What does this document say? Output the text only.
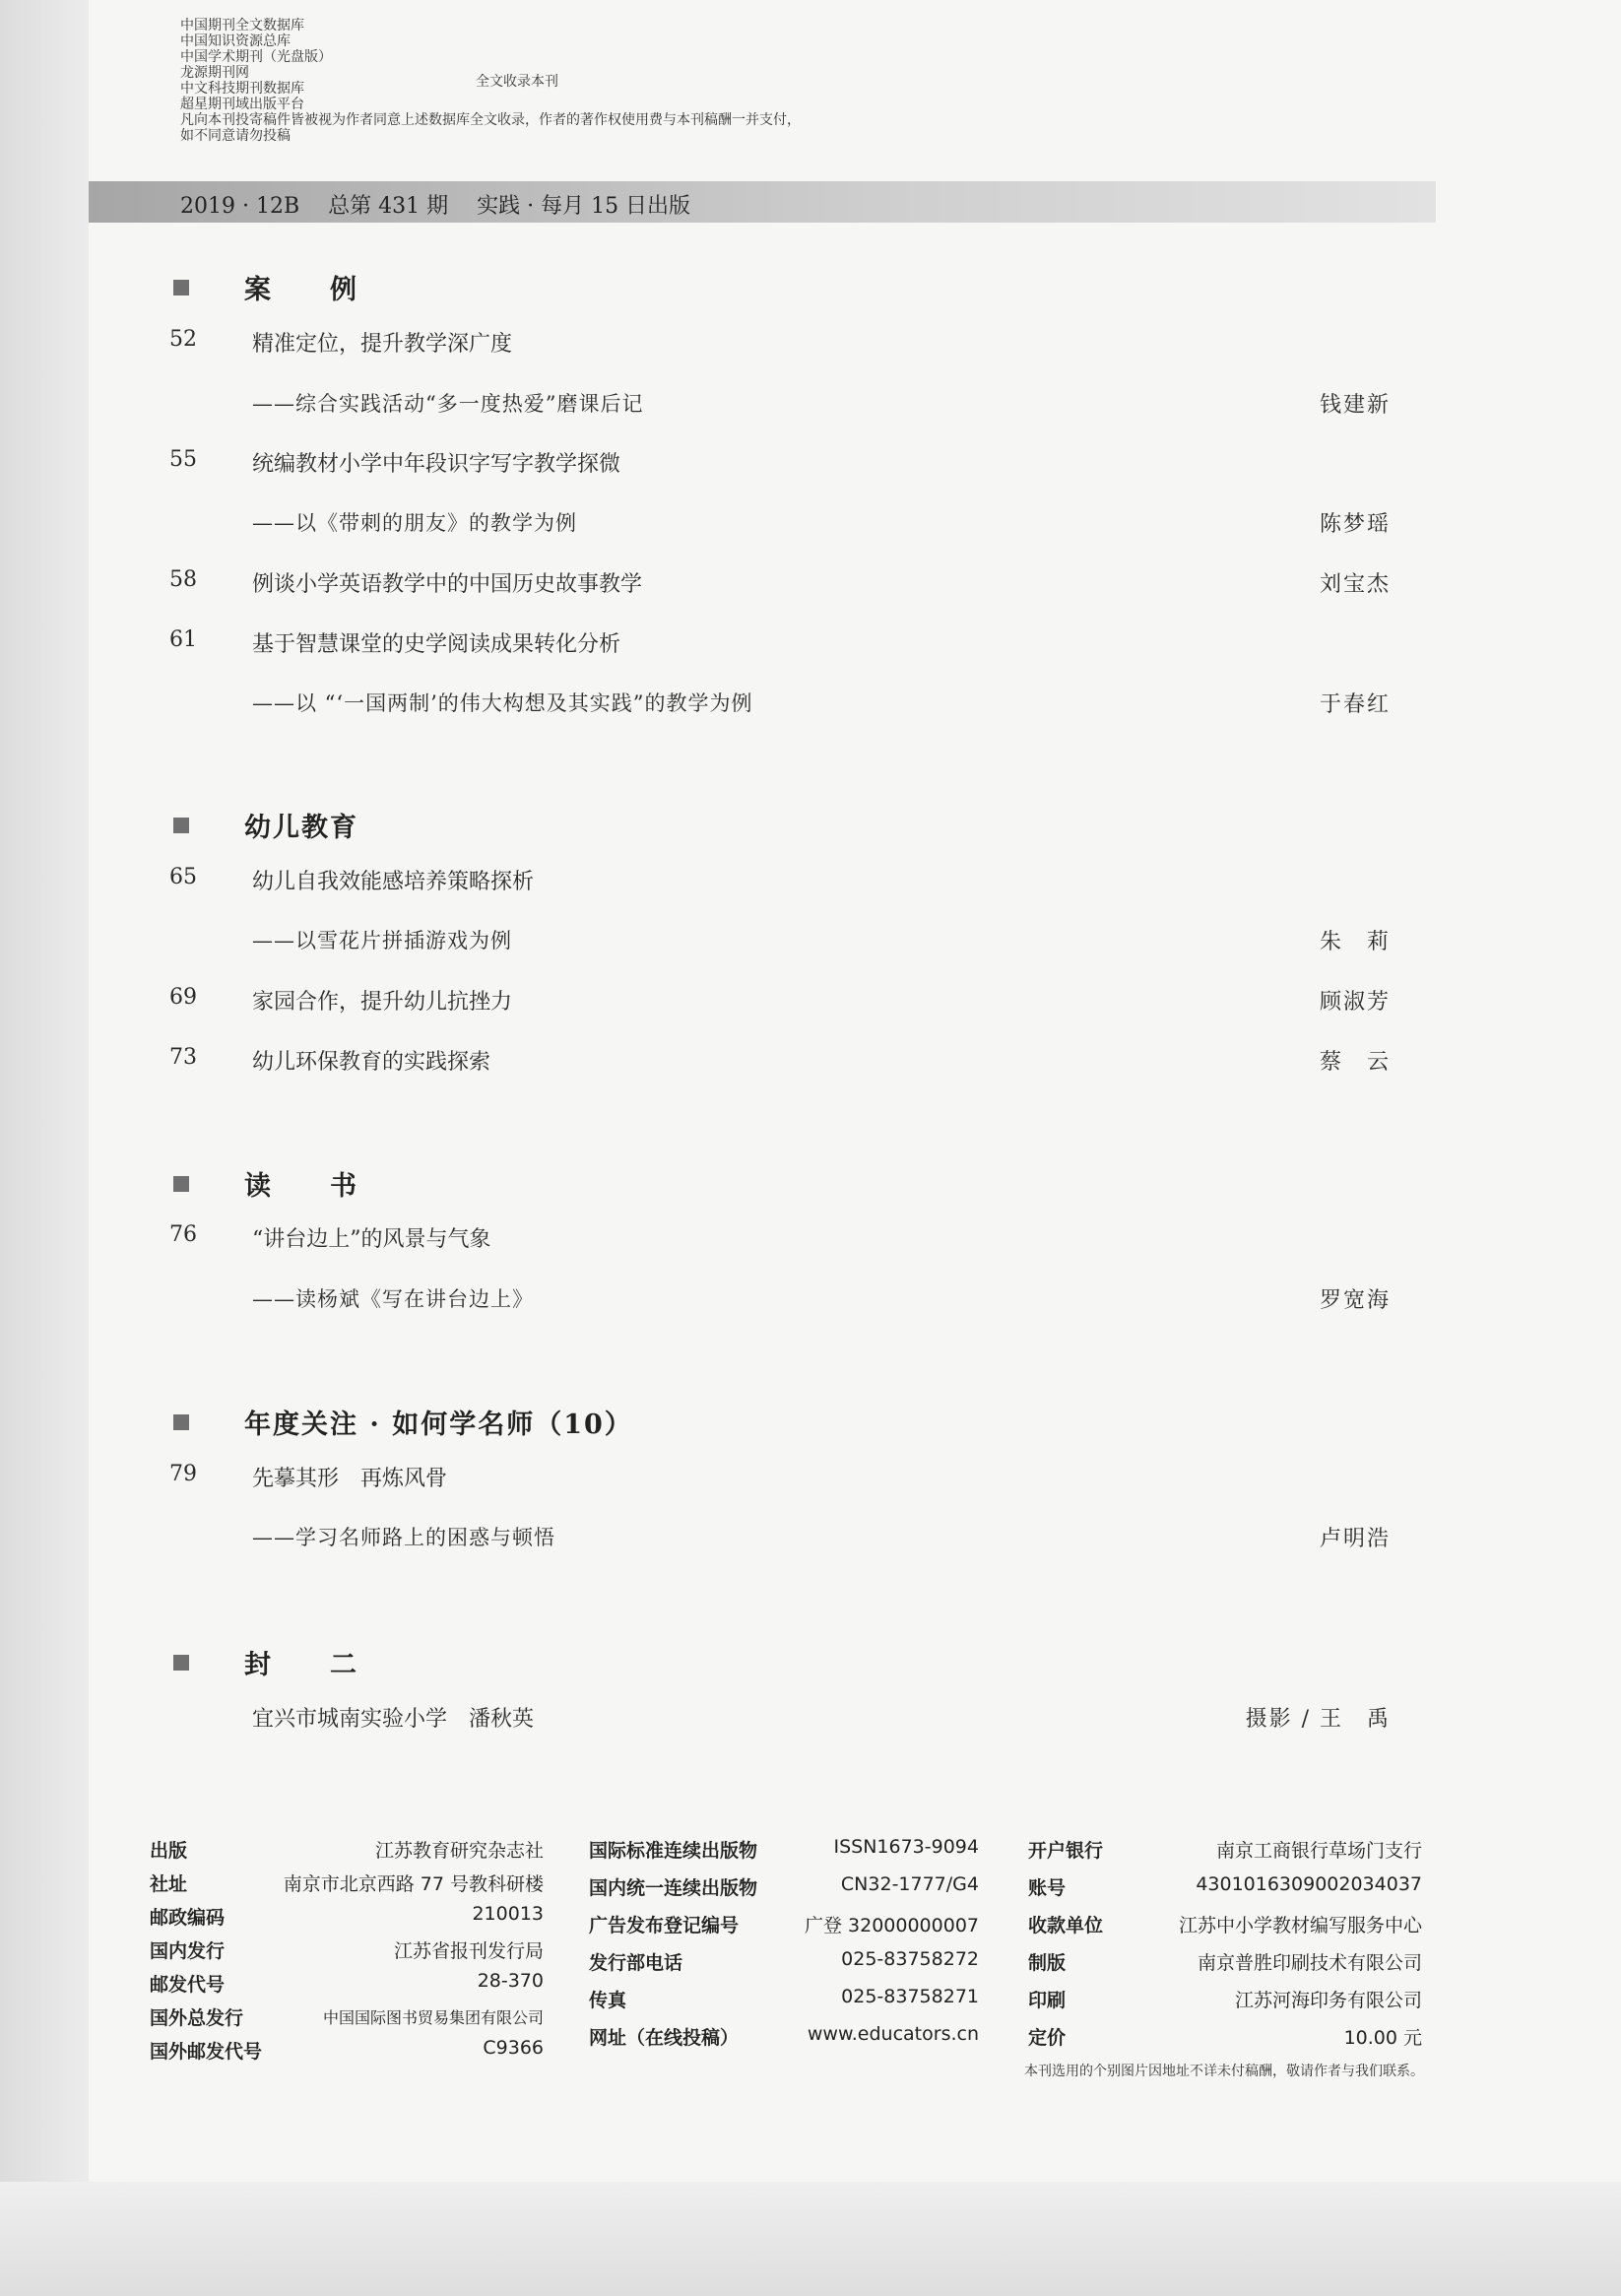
中国期刊全文数据库
中国知识资源总库
中国学术期刊（光盘版）
龙源期刊网
中文科技期刊数据库
超星期刊域出版平台
凡向本刊投寄稿件皆被视为作者同意上述数据库全文收录，作者的著作权使用费与本刊稿酬一并支付，
如不同意请勿投稿
全文收录本刊
2019 · 12B　 总第 431 期　 实践 · 每月 15 日出版
案　　例
52	精准定位，提升教学深广度
——综合实践活动“多一度热爱”磨课后记	钱建新
55	统编教材小学中年段识字写字教学探微
——以《带刺的朋友》的教学为例	陈梦瑶
58	例谈小学英语教学中的中国历史故事教学	刘宝杰
61	基于智慧课堂的史学阅读成果转化分析
——以 “‘一国两制’的伟大构想及其实践”的教学为例	于春红
幼儿教育
65	幼儿自我效能感培养策略探析
——以雪花片拼插游戏为例	朱　莉
69	家园合作，提升幼儿抗挫力	顾淑芳
73	幼儿环保教育的实践探索	蔡　云
读　　书
76	“讲台边上”的风景与气象
——读杨斌《写在讲台边上》	罗宽海
年度关注 · 如何学名师（10）
79	先摹其形　再炼风骨
——学习名师路上的困惑与顿悟	卢明浩
封　　二
宜兴市城南实验小学　潘秋英	摄影 / 王　禹
出版	江苏教育研究杂志社
社址	南京市北京西路 77 号教科研楼
邮政编码	210013
国内发行	江苏省报刊发行局
邮发代号	28-370
国外总发行	中国国际图书贸易集团有限公司
国外邮发代号	C9366
国际标准连续出版物	ISSN1673-9094
国内统一连续出版物	CN32-1777/G4
广告发布登记编号	广登 32000000007
发行部电话	025-83758272
传真	025-83758271
网址（在线投稿）	www.educators.cn
开户银行	南京工商银行草场门支行
账号	4301016309002034037
收款单位	江苏中小学教材编写服务中心
制版	南京普胜印刷技术有限公司
印刷	江苏河海印务有限公司
定价	10.00 元
本刊选用的个别图片因地址不详未付稿酬，敬请作者与我们联系。
